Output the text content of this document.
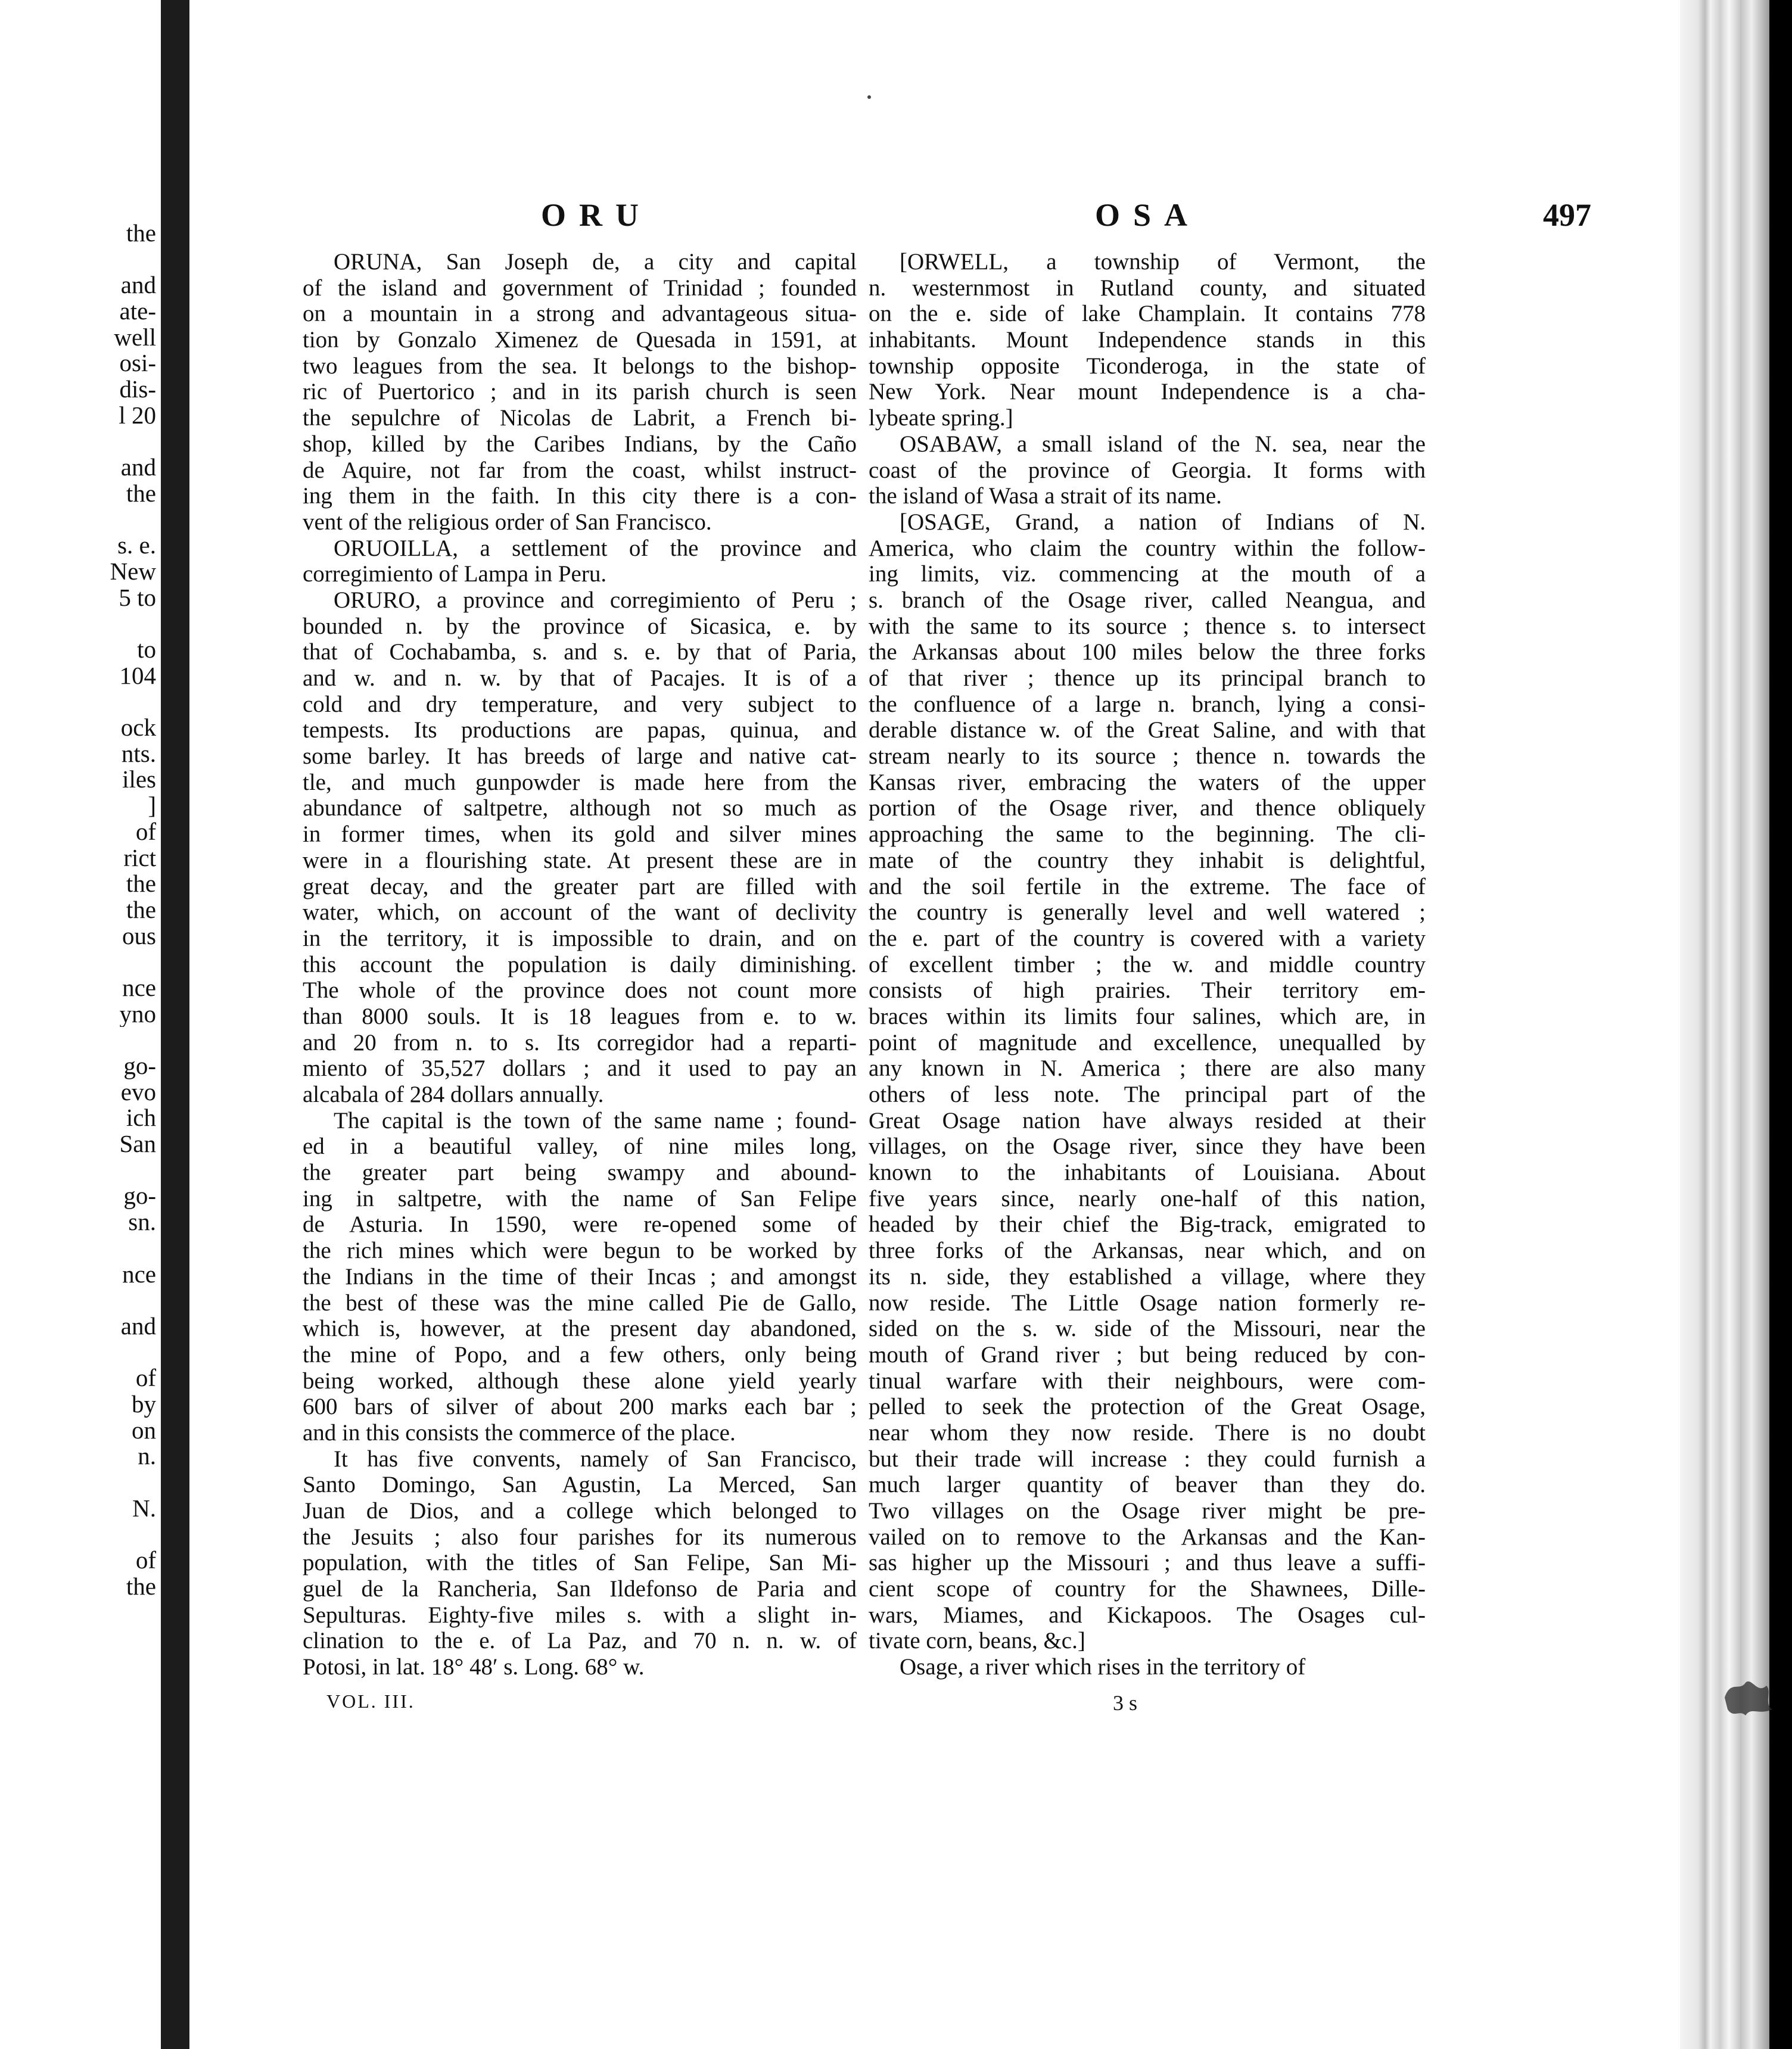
the
and
ate-
well
osi-
dis-
l 20
and
the
s. e.
New
5 to
to
104
ock
nts.
iles
]
of
rict
the
the
ous
nce
yno
go-
evo
ich
San
go-
sn.
nce
and
of
by
on
n.
N.
of
the
ORU	OSA	497

ORUNA, San Joseph de, a city and capital
of the island and government of Trinidad ; founded
on a mountain in a strong and advantageous situa-
tion by Gonzalo Ximenez de Quesada in 1591, at
two leagues from the sea. It belongs to the bishop-
ric of Puertorico ; and in its parish church is seen
the sepulchre of Nicolas de Labrit, a French bi-
shop, killed by the Caribes Indians, by the Caño
de Aquire, not far from the coast, whilst instruct-
ing them in the faith. In this city there is a con-
vent of the religious order of San Francisco.

ORUOILLA, a settlement of the province and
corregimiento of Lampa in Peru.

ORURO, a province and corregimiento of Peru ;
bounded n. by the province of Sicasica, e. by
that of Cochabamba, s. and s. e. by that of Paria,
and w. and n. w. by that of Pacajes. It is of a
cold and dry temperature, and very subject to
tempests. Its productions are papas, quinua, and
some barley. It has breeds of large and native cat-
tle, and much gunpowder is made here from the
abundance of saltpetre, although not so much as
in former times, when its gold and silver mines
were in a flourishing state. At present these are in
great decay, and the greater part are filled with
water, which, on account of the want of declivity
in the territory, it is impossible to drain, and on
this account the population is daily diminishing.
The whole of the province does not count more
than 8000 souls. It is 18 leagues from e. to w.
and 20 from n. to s. Its corregidor had a reparti-
miento of 35,527 dollars ; and it used to pay an
alcabala of 284 dollars annually.

The capital is the town of the same name ; found-
ed in a beautiful valley, of nine miles long,
the greater part being swampy and abound-
ing in saltpetre, with the name of San Felipe
de Asturia. In 1590, were re-opened some of
the rich mines which were begun to be worked by
the Indians in the time of their Incas ; and amongst
the best of these was the mine called Pie de Gallo,
which is, however, at the present day abandoned,
the mine of Popo, and a few others, only being
being worked, although these alone yield yearly
600 bars of silver of about 200 marks each bar ;
and in this consists the commerce of the place.

It has five convents, namely of San Francisco,
Santo Domingo, San Agustin, La Merced, San
Juan de Dios, and a college which belonged to
the Jesuits ; also four parishes for its numerous
population, with the titles of San Felipe, San Mi-
guel de la Rancheria, San Ildefonso de Paria and
Sepulturas. Eighty-five miles s. with a slight in-
clination to the e. of La Paz, and 70 n. n. w. of
Potosi, in lat. 18° 48′ s. Long. 68° w.

[ORWELL, a township of Vermont, the
n. westernmost in Rutland county, and situated
on the e. side of lake Champlain. It contains 778
inhabitants. Mount Independence stands in this
township opposite Ticonderoga, in the state of
New York. Near mount Independence is a cha-
lybeate spring.]

OSABAW, a small island of the N. sea, near the
coast of the province of Georgia. It forms with
the island of Wasa a strait of its name.

[OSAGE, Grand, a nation of Indians of N.
America, who claim the country within the follow-
ing limits, viz. commencing at the mouth of a
s. branch of the Osage river, called Neangua, and
with the same to its source ; thence s. to intersect
the Arkansas about 100 miles below the three forks
of that river ; thence up its principal branch to
the confluence of a large n. branch, lying a consi-
derable distance w. of the Great Saline, and with that
stream nearly to its source ; thence n. towards the
Kansas river, embracing the waters of the upper
portion of the Osage river, and thence obliquely
approaching the same to the beginning. The cli-
mate of the country they inhabit is delightful,
and the soil fertile in the extreme. The face of
the country is generally level and well watered ;
the e. part of the country is covered with a variety
of excellent timber ; the w. and middle country
consists of high prairies. Their territory em-
braces within its limits four salines, which are, in
point of magnitude and excellence, unequalled by
any known in N. America ; there are also many
others of less note. The principal part of the
Great Osage nation have always resided at their
villages, on the Osage river, since they have been
known to the inhabitants of Louisiana. About
five years since, nearly one-half of this nation,
headed by their chief the Big-track, emigrated to
three forks of the Arkansas, near which, and on
its n. side, they established a village, where they
now reside. The Little Osage nation formerly re-
sided on the s. w. side of the Missouri, near the
mouth of Grand river ; but being reduced by con-
tinual warfare with their neighbours, were com-
pelled to seek the protection of the Great Osage,
near whom they now reside. There is no doubt
but their trade will increase : they could furnish a
much larger quantity of beaver than they do.
Two villages on the Osage river might be pre-
vailed on to remove to the Arkansas and the Kan-
sas higher up the Missouri ; and thus leave a suffi-
cient scope of country for the Shawnees, Dille-
wars, Miames, and Kickapoos. The Osages cul-
tivate corn, beans, &c.]

Osage, a river which rises in the territory of

VOL. III.	3 s
